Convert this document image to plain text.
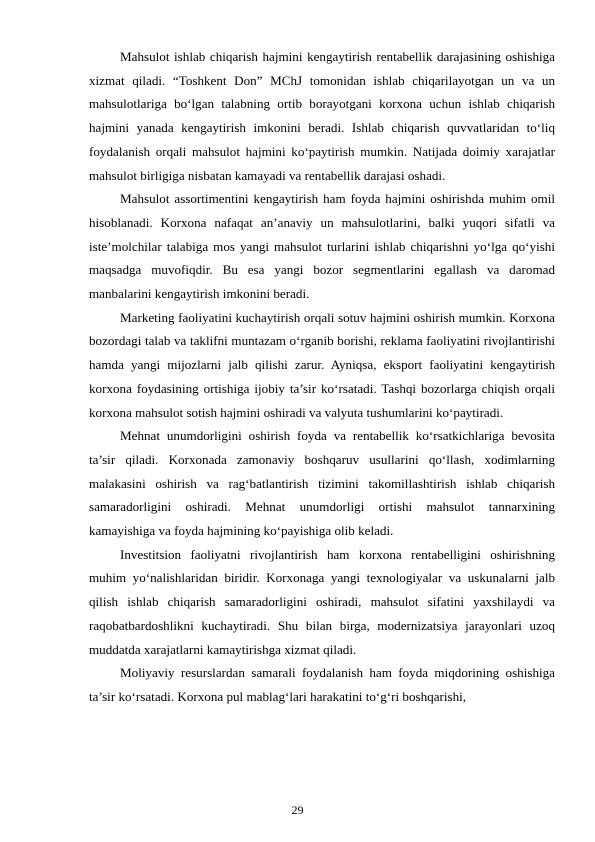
Mahsulot ishlab chiqarish hajmini kengaytirish rentabellik darajasining oshishiga xizmat qiladi. “Toshkent Don” MChJ tomonidan ishlab chiqarilayotgan un va un mahsulotlariga bo‘lgan talabning ortib borayotgani korxona uchun ishlab chiqarish hajmini yanada kengaytirish imkonini beradi. Ishlab chiqarish quvvatlaridan to‘liq foydalanish orqali mahsulot hajmini ko‘paytirish mumkin. Natijada doimiy xarajatlar mahsulot birligiga nisbatan kamayadi va rentabellik darajasi oshadi.

Mahsulot assortimentini kengaytirish ham foyda hajmini oshirishda muhim omil hisoblanadi. Korxona nafaqat an’anaviy un mahsulotlarini, balki yuqori sifatli va iste’molchilar talabiga mos yangi mahsulot turlarini ishlab chiqarishni yo‘lga qo‘yishi maqsadga muvofiqdir. Bu esa yangi bozor segmentlarini egallash va daromad manbalarini kengaytirish imkonini beradi.

Marketing faoliyatini kuchaytirish orqali sotuv hajmini oshirish mumkin. Korxona bozordagi talab va taklifni muntazam o‘rganib borishi, reklama faoliyatini rivojlantirishi hamda yangi mijozlarni jalb qilishi zarur. Ayniqsa, eksport faoliyatini kengaytirish korxona foydasining ortishiga ijobiy ta’sir ko‘rsatadi. Tashqi bozorlarga chiqish orqali korxona mahsulot sotish hajmini oshiradi va valyuta tushumlarini ko‘paytiradi.

Mehnat unumdorligini oshirish foyda va rentabellik ko‘rsatkichlariga bevosita ta’sir qiladi. Korxonada zamonaviy boshqaruv usullarini qo‘llash, xodimlarning malakasini oshirish va rag‘batlantirish tizimini takomillashtirish ishlab chiqarish samaradorligini oshiradi. Mehnat unumdorligi ortishi mahsulot tannarxining kamayishiga va foyda hajmining ko‘payishiga olib keladi.

Investitsion faoliyatni rivojlantirish ham korxona rentabelligini oshirishning muhim yo‘nalishlaridan biridir. Korxonaga yangi texnologiyalar va uskunalarni jalb qilish ishlab chiqarish samaradorligini oshiradi, mahsulot sifatini yaxshilaydi va raqobatbardoshlikni kuchaytiradi. Shu bilan birga, modernizatsiya jarayonlari uzoq muddatda xarajatlarni kamaytirishga xizmat qiladi.

Moliyaviy resurslardan samarali foydalanish ham foyda miqdorining oshishiga ta’sir ko‘rsatadi. Korxona pul mablag‘lari harakatini to‘g‘ri boshqarishi,

29
